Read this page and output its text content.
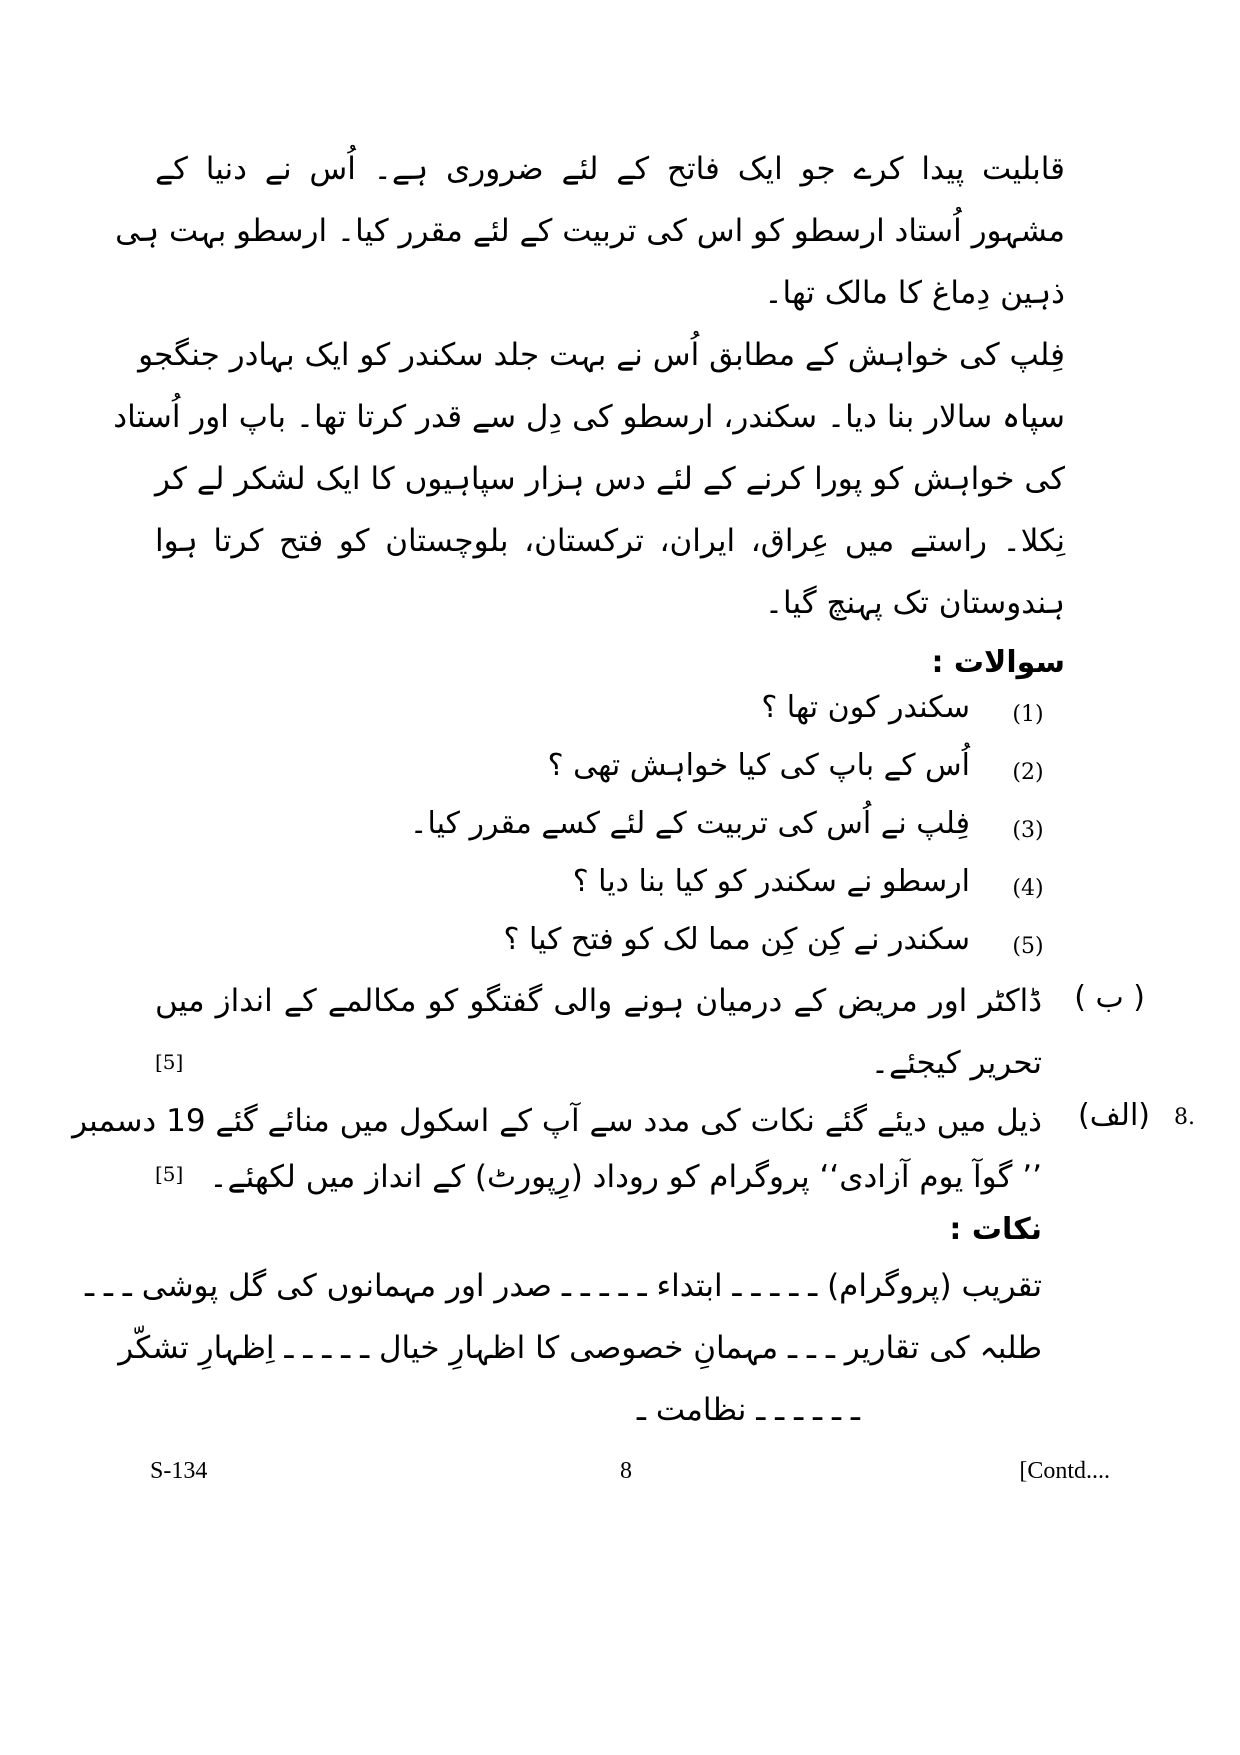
قابلیت پیدا کرے جو ایک فاتح کے لئے ضروری ہے۔ اُس نے دنیا کے
مشہور اُستاد ارسطو کو اس کی تربیت کے لئے مقرر کیا۔ ارسطو بہت ہی
ذہین دِماغ کا مالک تھا۔
فِلپ کی خواہش کے مطابق اُس نے بہت جلد سکندر کو ایک بہادر جنگجو
سپاہ سالار بنا دیا۔ سکندر، ارسطو کی دِل سے قدر کرتا تھا۔ باپ اور اُستاد
کی خواہش کو پورا کرنے کے لئے دس ہزار سپاہیوں کا ایک لشکر لے کر
نِکلا۔ راستے میں عِراق، ایران، ترکستان، بلوچستان کو فتح کرتا ہوا
ہندوستان تک پہنچ گیا۔
سوالات :
(1)
سکندر کون تھا ؟
(2)
اُس کے باپ کی کیا خواہش تھی ؟
(3)
فِلپ نے اُس کی تربیت کے لئے کسے مقرر کیا۔
(4)
ارسطو نے سکندر کو کیا بنا دیا ؟
(5)
سکندر نے کِن کِن مما لک کو فتح کیا ؟
( ب )
ڈاکٹر اور مریض کے درمیان ہونے والی گفتگو کو مکالمے کے انداز میں
تحریر کیجئے۔
[5]
8.
(الف)
ذیل میں دیئے گئے نکات کی مدد سے آپ کے اسکول میں منائے گئے 19 دسمبر
’’ گوآ یوم آزادی‘‘ پروگرام کو روداد (رِپورٹ) کے انداز میں لکھئے۔
[5]
نکات :
تقریب (پروگرام) ـ ـ ـ ـ ـ ابتداء ـ ـ ـ ـ ـ صدر اور مہمانوں کی گل پوشی ـ ـ ـ
طلبہ کی تقاریر ـ ـ ـ مہمانِ خصوصی کا اظہارِ خیال ـ ـ ـ ـ ـ اِظہارِ تشکّر
ـ ـ ـ ـ ـ ـ نظامت ـ
S-134	8	[Contd....
